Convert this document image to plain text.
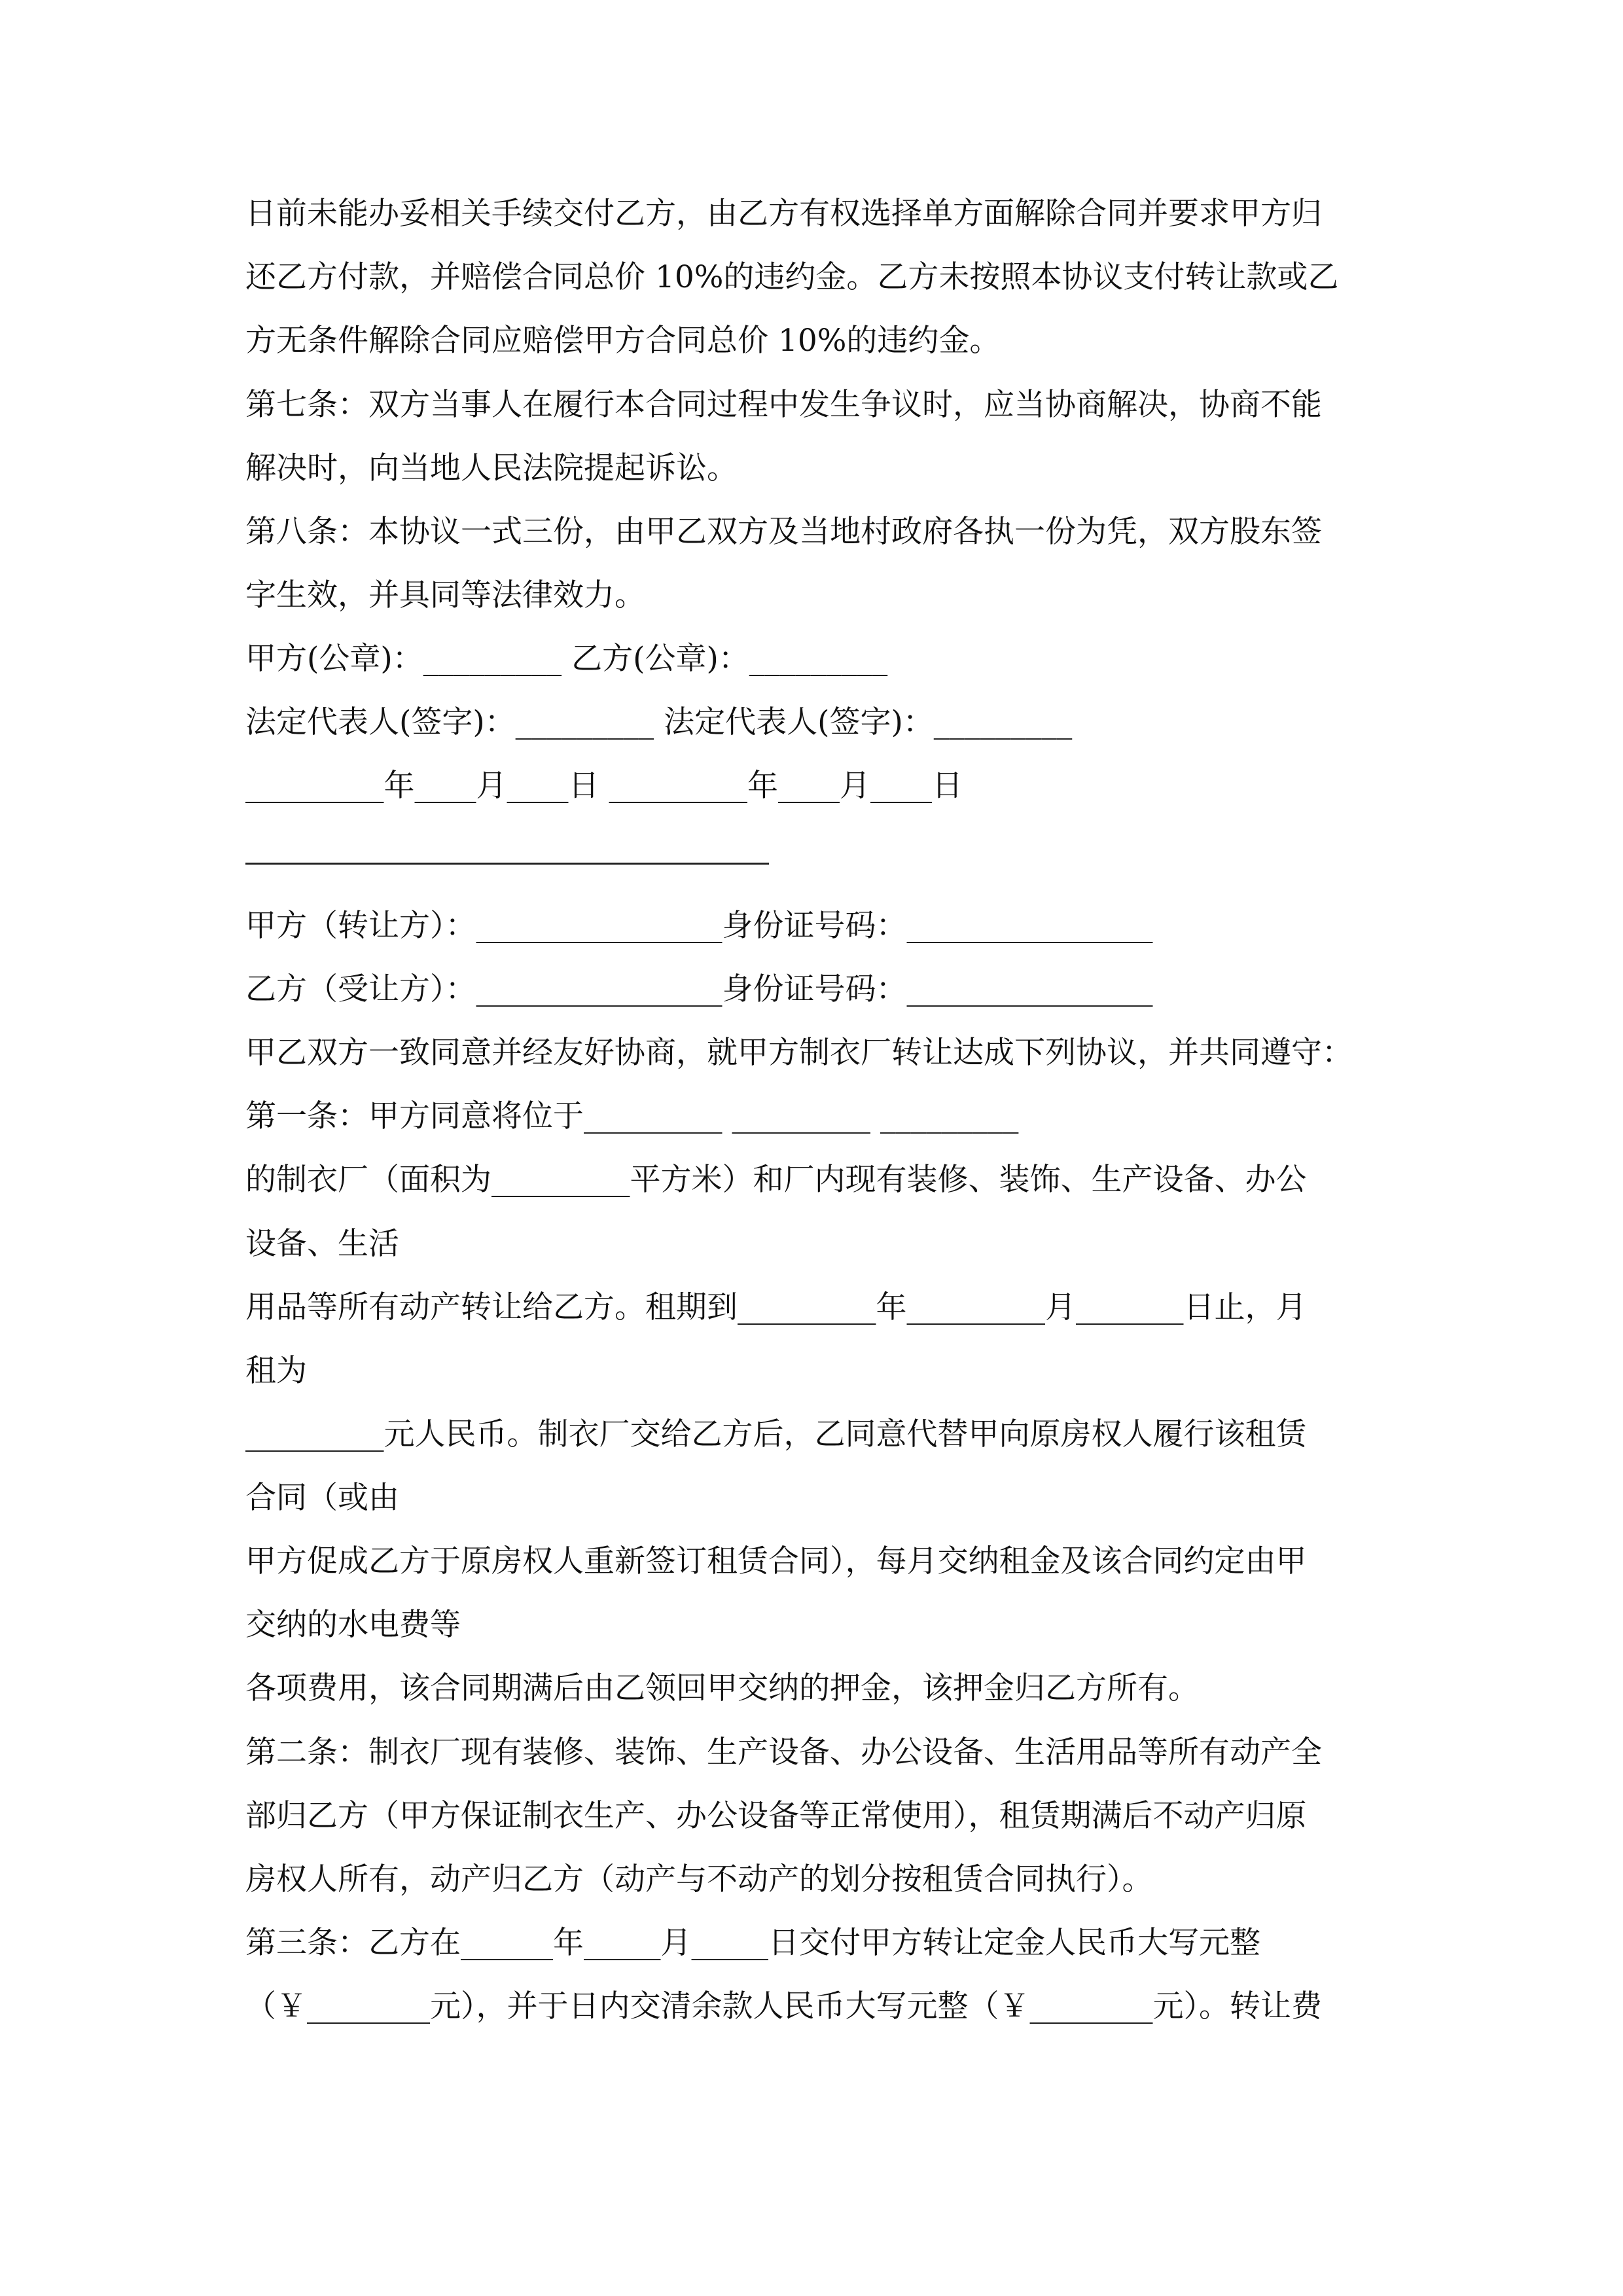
日前未能办妥相关手续交付乙方，由乙方有权选择单方面解除合同并要求甲方归
还乙方付款，并赔偿合同总价 10%的违约金。乙方未按照本协议支付转让款或乙
方无条件解除合同应赔偿甲方合同总价 10%的违约金。
第七条：双方当事人在履行本合同过程中发生争议时，应当协商解决，协商不能
解决时，向当地人民法院提起诉讼。
第八条：本协议一式三份，由甲乙双方及当地村政府各执一份为凭，双方股东签
字生效，并具同等法律效力。
甲方(公章)：_________ 乙方(公章)：_________
法定代表人(签字)：_________ 法定代表人(签字)：_________
_________年____月____日 _________年____月____日
甲方（转让方）：________________身份证号码：________________
乙方（受让方）：________________身份证号码：________________
甲乙双方一致同意并经友好协商，就甲方制衣厂转让达成下列协议，并共同遵守：
第一条：甲方同意将位于_________ _________ _________
的制衣厂（面积为_________平方米）和厂内现有装修、装饰、生产设备、办公
设备、生活
用品等所有动产转让给乙方。租期到_________年_________月_______日止，月
租为
_________元人民币。制衣厂交给乙方后，乙同意代替甲向原房权人履行该租赁
合同（或由
甲方促成乙方于原房权人重新签订租赁合同），每月交纳租金及该合同约定由甲
交纳的水电费等
各项费用，该合同期满后由乙领回甲交纳的押金，该押金归乙方所有。
第二条：制衣厂现有装修、装饰、生产设备、办公设备、生活用品等所有动产全
部归乙方（甲方保证制衣生产、办公设备等正常使用），租赁期满后不动产归原
房权人所有，动产归乙方（动产与不动产的划分按租赁合同执行）。
第三条：乙方在______年_____月_____日交付甲方转让定金人民币大写元整
（￥________元），并于日内交清余款人民币大写元整（￥________元）。转让费
